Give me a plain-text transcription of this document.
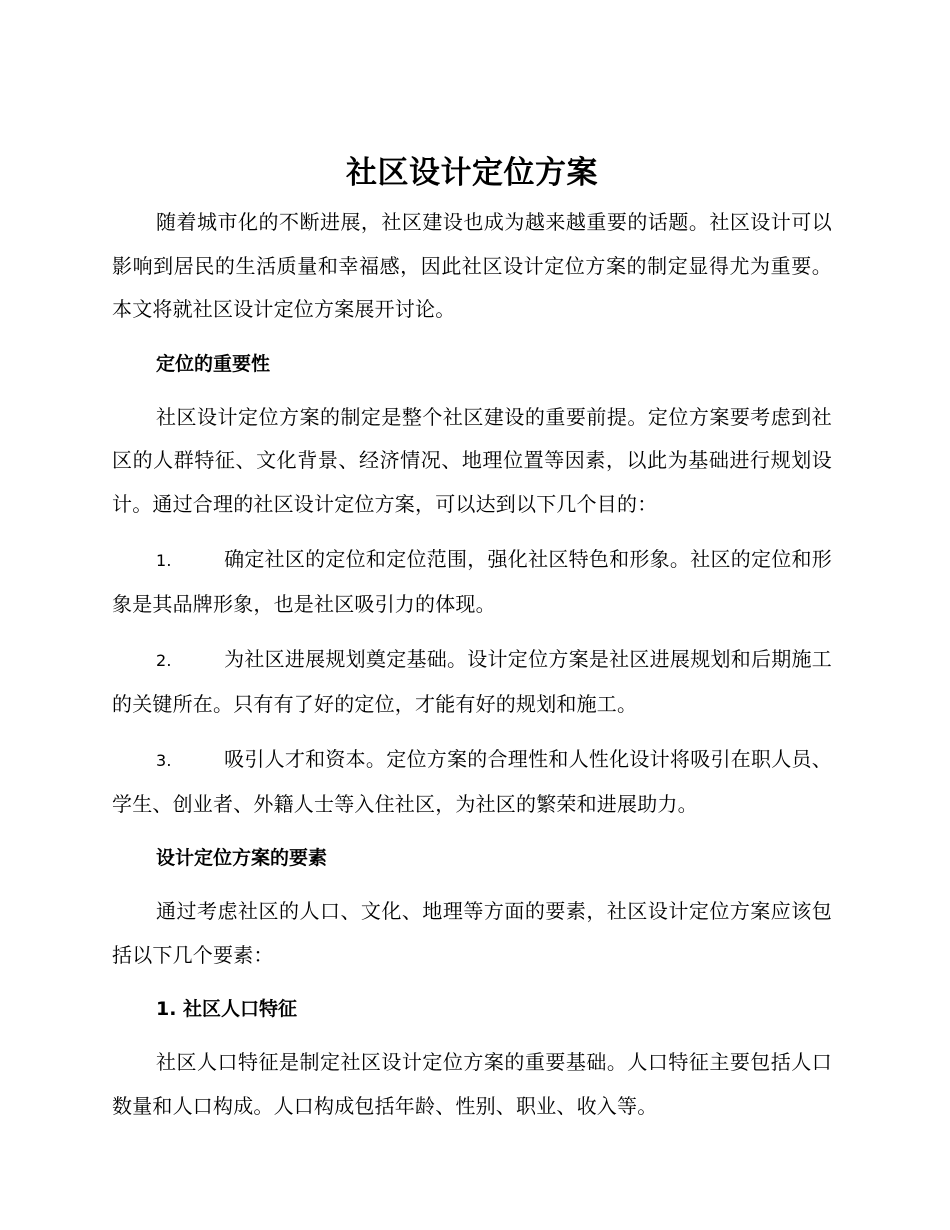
社区设计定位方案

随着城市化的不断进展，社区建设也成为越来越重要的话题。社区设计可以影响到居民的生活质量和幸福感，因此社区设计定位方案的制定显得尤为重要。本文将就社区设计定位方案展开讨论。

定位的重要性

社区设计定位方案的制定是整个社区建设的重要前提。定位方案要考虑到社区的人群特征、文化背景、经济情况、地理位置等因素，以此为基础进行规划设计。通过合理的社区设计定位方案，可以达到以下几个目的：

1.	确定社区的定位和定位范围，强化社区特色和形象。社区的定位和形象是其品牌形象，也是社区吸引力的体现。

2.	为社区进展规划奠定基础。设计定位方案是社区进展规划和后期施工的关键所在。只有有了好的定位，才能有好的规划和施工。

3.	吸引人才和资本。定位方案的合理性和人性化设计将吸引在职人员、学生、创业者、外籍人士等入住社区，为社区的繁荣和进展助力。

设计定位方案的要素

通过考虑社区的人口、文化、地理等方面的要素，社区设计定位方案应该包括以下几个要素：

1. 社区人口特征

社区人口特征是制定社区设计定位方案的重要基础。人口特征主要包括人口数量和人口构成。人口构成包括年龄、性别、职业、收入等。
